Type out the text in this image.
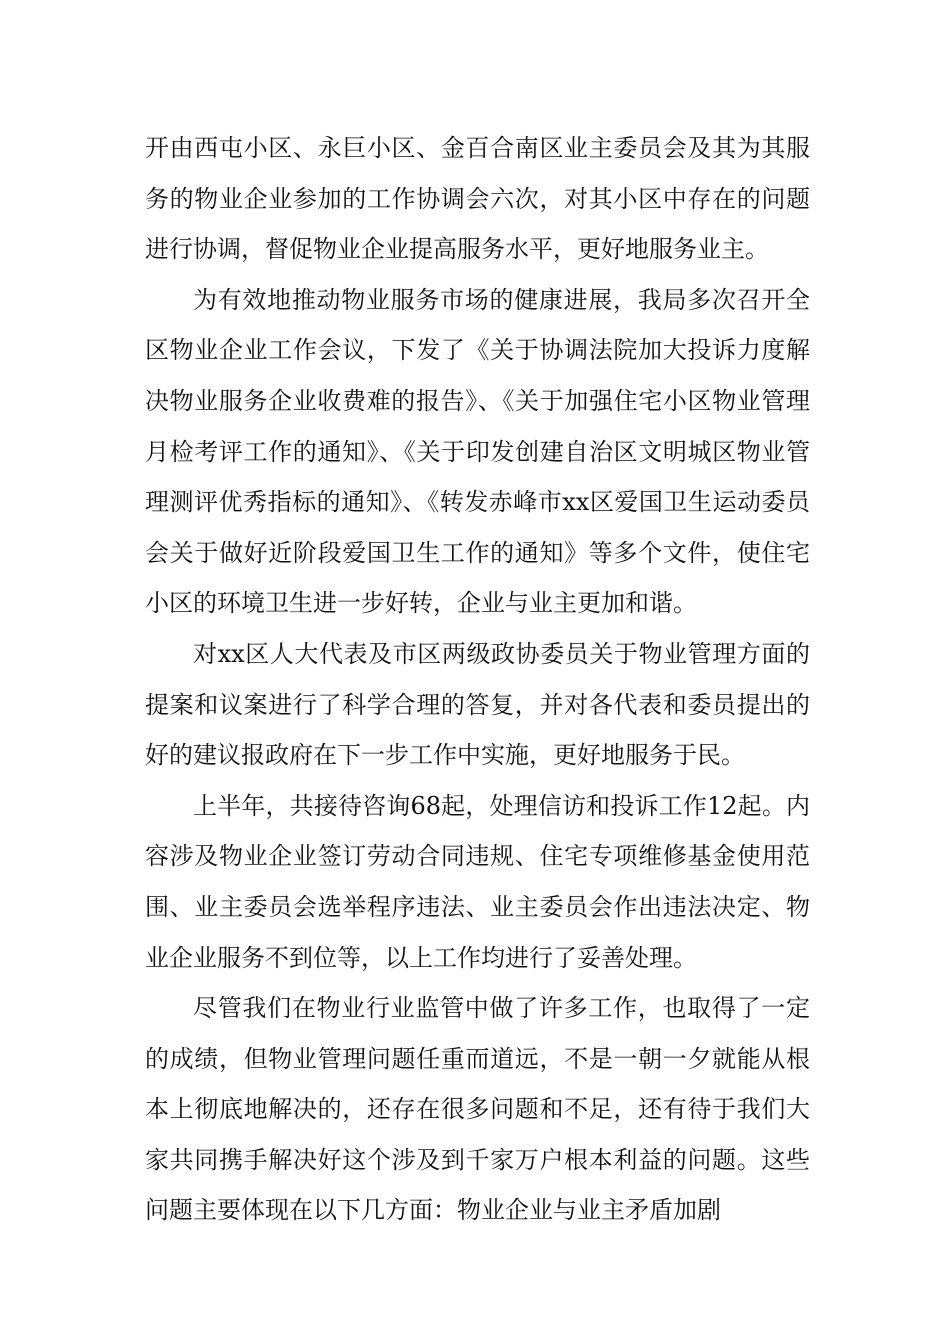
开由西屯小区、永巨小区、金百合南区业主委员会及其为其服务的物业企业参加的工作协调会六次，对其小区中存在的问题进行协调，督促物业企业提高服务水平，更好地服务业主。

为有效地推动物业服务市场的健康进展，我局多次召开全区物业企业工作会议，下发了《关于协调法院加大投诉力度解决物业服务企业收费难的报告》、《关于加强住宅小区物业管理月检考评工作的通知》、《关于印发创建自治区文明城区物业管理测评优秀指标的通知》、《转发赤峰市xx区爱国卫生运动委员会关于做好近阶段爱国卫生工作的通知》等多个文件，使住宅小区的环境卫生进一步好转，企业与业主更加和谐。

对xx区人大代表及市区两级政协委员关于物业管理方面的提案和议案进行了科学合理的答复，并对各代表和委员提出的好的建议报政府在下一步工作中实施，更好地服务于民。

上半年，共接待咨询68起，处理信访和投诉工作12起。内容涉及物业企业签订劳动合同违规、住宅专项维修基金使用范围、业主委员会选举程序违法、业主委员会作出违法决定、物业企业服务不到位等，以上工作均进行了妥善处理。

尽管我们在物业行业监管中做了许多工作，也取得了一定的成绩，但物业管理问题任重而道远，不是一朝一夕就能从根本上彻底地解决的，还存在很多问题和不足，还有待于我们大家共同携手解决好这个涉及到千家万户根本利益的问题。这些问题主要体现在以下几方面：物业企业与业主矛盾加剧
